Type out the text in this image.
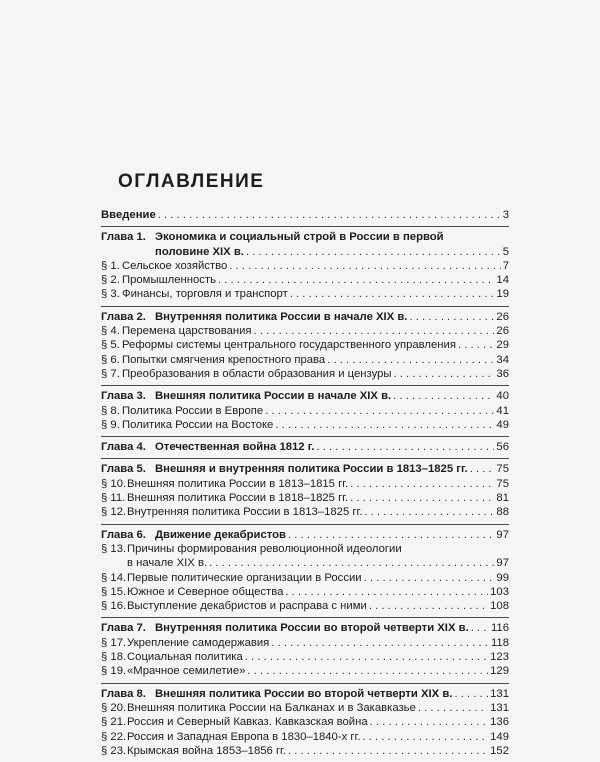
ОГЛАВЛЕНИЕ
Введение . . .	3
Глава 1. Экономика и социальный строй в России в первой
половине XIX в. . . .	5
§ 1. Сельское хозяйство . . .	7
§ 2. Промышленность . . .	14
§ 3. Финансы, торговля и транспорт . . .	19
Глава 2. Внутренняя политика России в начале XIX в. . . .	26
§ 4. Перемена царствования . . .	26
§ 5. Реформы системы центрального государственного управления . . .	29
§ 6. Попытки смягчения крепостного права . . .	34
§ 7. Преобразования в области образования и цензуры . . .	36
Глава 3. Внешняя политика России в начале XIX в. . . .	40
§ 8. Политика России в Европе . . .	41
§ 9. Политика России на Востоке . . .	49
Глава 4. Отечественная война 1812 г. . . .	56
Глава 5. Внешняя и внутренняя политика России в 1813–1825 гг. . . .	75
§ 10. Внешняя политика России в 1813–1815 гг. . . .	75
§ 11. Внешняя политика России в 1818–1825 гг. . . .	81
§ 12. Внутренняя политика России в 1813–1825 гг. . . .	88
Глава 6. Движение декабристов . . .	97
§ 13. Причины формирования революционной идеологии
в начале XIX в. . . .	97
§ 14. Первые политические организации в России . . .	99
§ 15. Южное и Северное общества . . .	103
§ 16. Выступление декабристов и расправа с ними . . .	108
Глава 7. Внутренняя политика России во второй четверти XIX в. . . . 116
§ 17. Укрепление самодержавия . . .	118
§ 18. Социальная политика . . .	123
§ 19. «Мрачное семилетие» . . .	129
Глава 8. Внешняя политика России во второй четверти XIX в. . . .	131
§ 20. Внешняя политика России на Балканах и в Закавказье . . .	131
§ 21. Россия и Северный Кавказ. Кавказская война . . .	136
§ 22. Россия и Западная Европа в 1830–1840-х гг. . . .	149
§ 23. Крымская война 1853–1856 гг. . . .	152
